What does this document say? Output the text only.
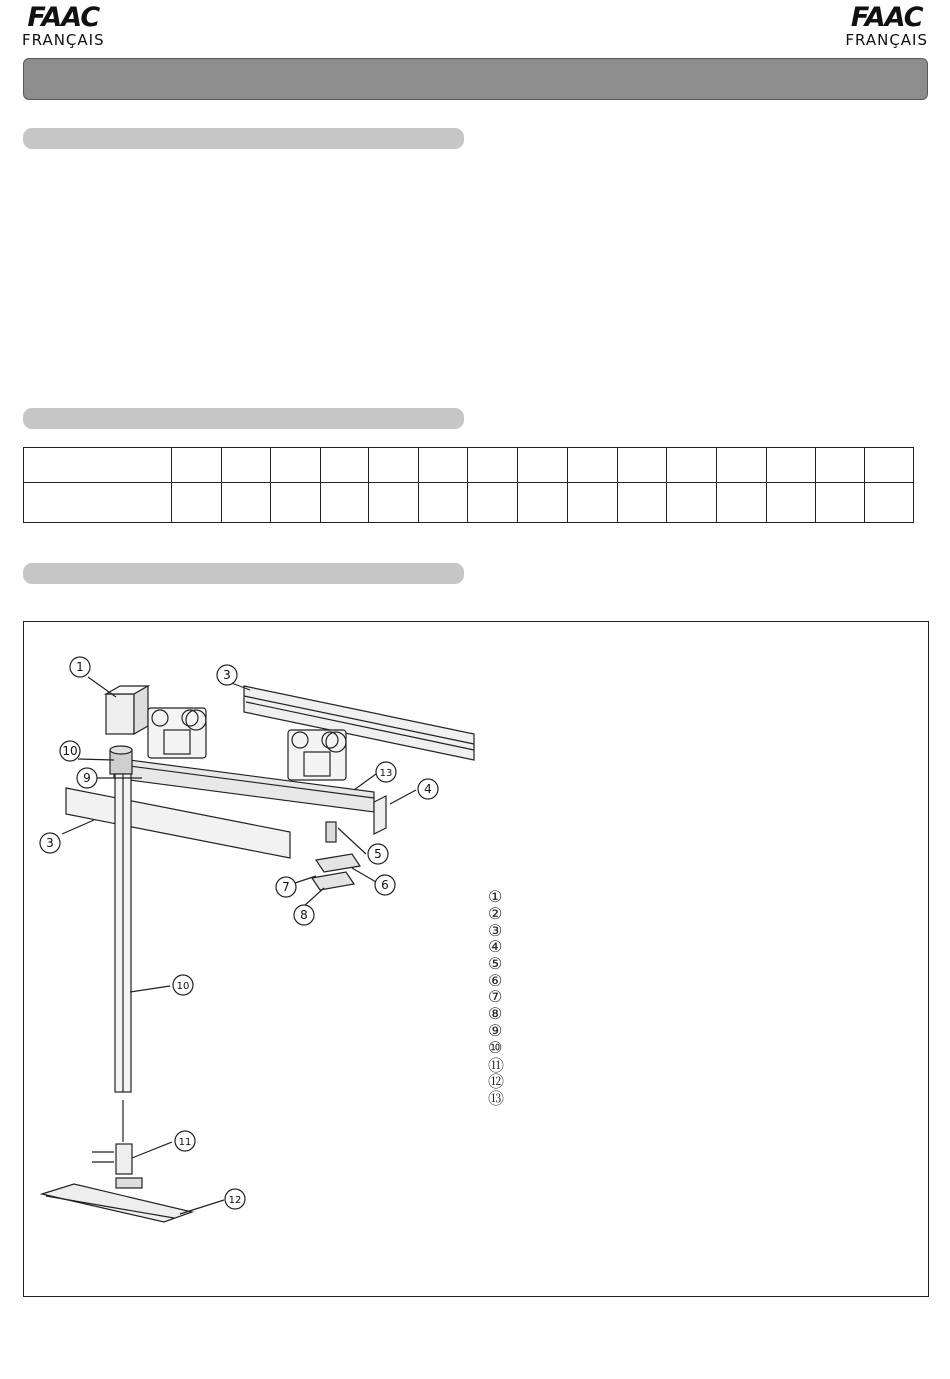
FAAC
FRANÇAIS
FAAC
FRANÇAIS

1
10
3
3
4
5
6
7
8
9
10
11
12
13
①
②
③
④
⑤
⑥
⑦
⑧
⑨
⑩
⑪
⑫
⑬
